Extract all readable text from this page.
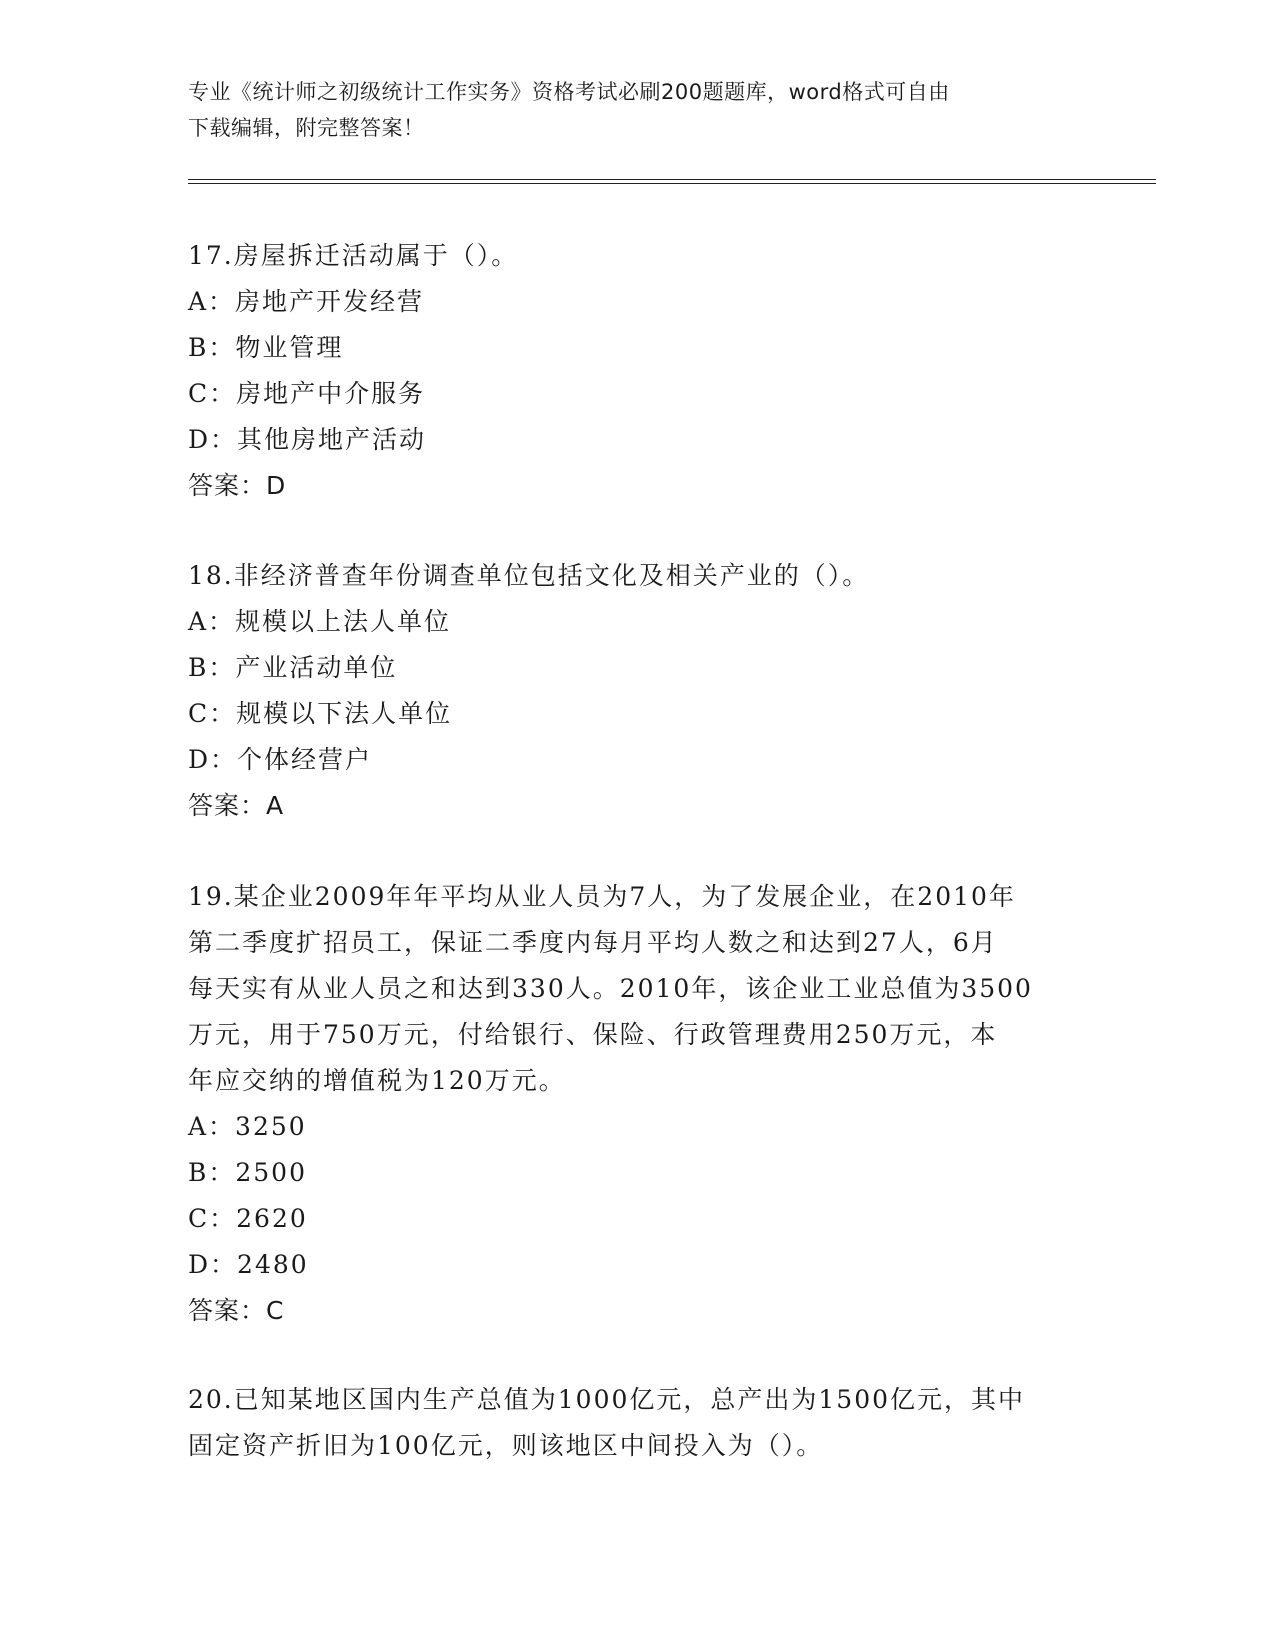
专业《统计师之初级统计工作实务》资格考试必刷200题题库，word格式可自由
下载编辑，附完整答案！
17.房屋拆迁活动属于（）。
A：房地产开发经营
B：物业管理
C：房地产中介服务
D：其他房地产活动
答案：D
18.非经济普查年份调查单位包括文化及相关产业的（）。
A：规模以上法人单位
B：产业活动单位
C：规模以下法人单位
D：个体经营户
答案：A
19.某企业2009年年平均从业人员为7人，为了发展企业，在2010年
第二季度扩招员工，保证二季度内每月平均人数之和达到27人，6月
每天实有从业人员之和达到330人。2010年，该企业工业总值为3500
万元，用于750万元，付给银行、保险、行政管理费用250万元，本
年应交纳的增值税为120万元。
A：3250
B：2500
C：2620
D：2480
答案：C
20.已知某地区国内生产总值为1000亿元，总产出为1500亿元，其中
固定资产折旧为100亿元，则该地区中间投入为（）。
